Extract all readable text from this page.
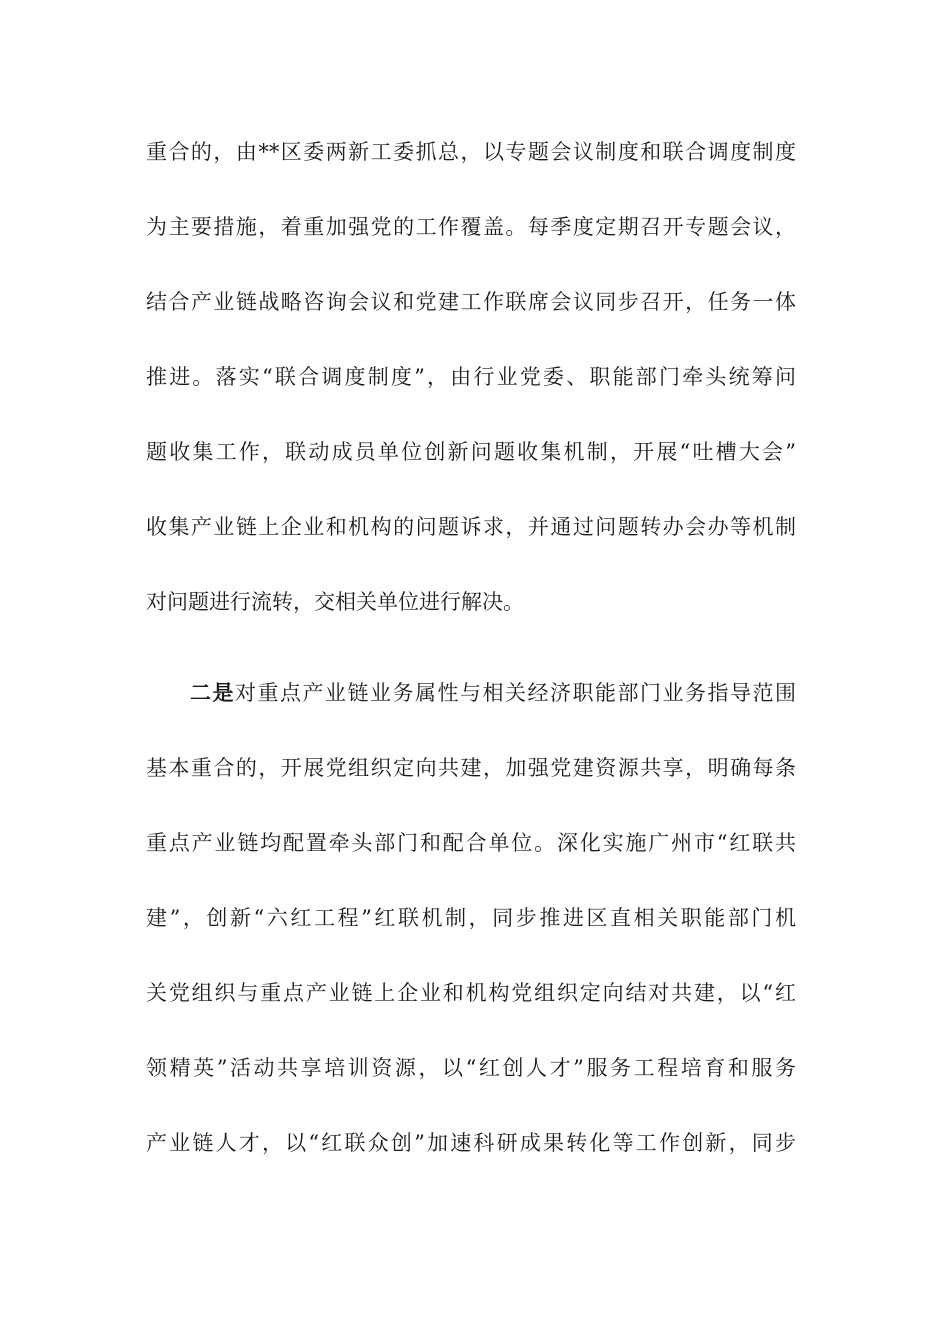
重合的，由**区委两新工委抓总，以专题会议制度和联合调度制度
为主要措施，着重加强党的工作覆盖。每季度定期召开专题会议，
结合产业链战略咨询会议和党建工作联席会议同步召开，任务一体
推进。落实“联合调度制度”，由行业党委、职能部门牵头统筹问
题收集工作，联动成员单位创新问题收集机制，开展“吐槽大会”
收集产业链上企业和机构的问题诉求，并通过问题转办会办等机制
对问题进行流转，交相关单位进行解决。
二是对重点产业链业务属性与相关经济职能部门业务指导范围
基本重合的，开展党组织定向共建，加强党建资源共享，明确每条
重点产业链均配置牵头部门和配合单位。深化实施广州市“红联共
建”，创新“六红工程”红联机制，同步推进区直相关职能部门机
关党组织与重点产业链上企业和机构党组织定向结对共建，以“红
领精英”活动共享培训资源，以“红创人才”服务工程培育和服务
产业链人才，以“红联众创”加速科研成果转化等工作创新，同步
